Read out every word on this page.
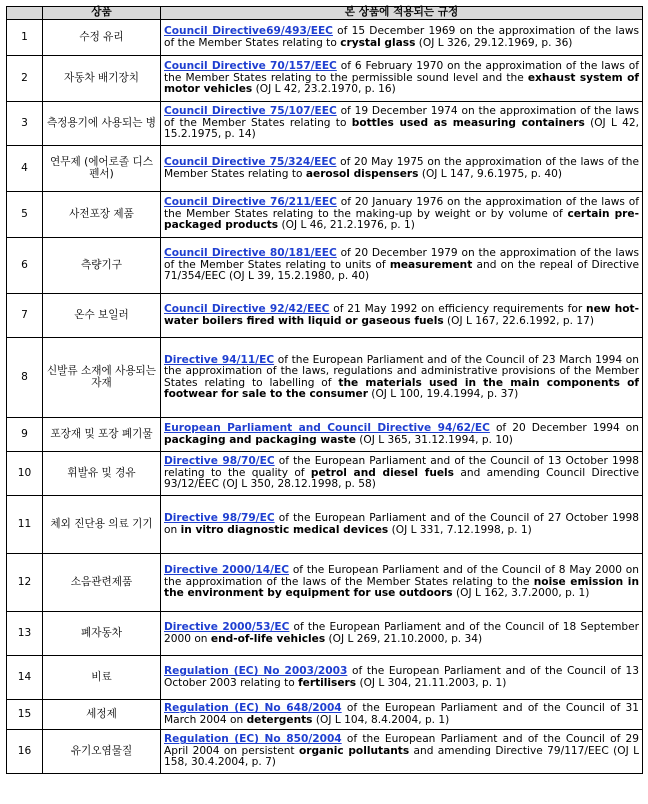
	상품	본 상품에 적용되는 규정
1	수정 유리	Council Directive69/493/EEC of 15 December 1969 on the approximation of the laws of the Member States relating to crystal glass (OJ L 326, 29.12.1969, p. 36)
2	자동차 배기장치	Council Directive 70/157/EEC of 6 February 1970 on the approximation of the laws of the Member States relating to the permissible sound level and the exhaust system of motor vehicles (OJ L 42, 23.2.1970, p. 16)
3	측정용기에 사용되는 병	Council Directive 75/107/EEC of 19 December 1974 on the approximation of the laws of the Member States relating to bottles used as measuring containers (OJ L 42, 15.2.1975, p. 14)
4	연무제 (에어로졸 디스펜서)	Council Directive 75/324/EEC of 20 May 1975 on the approximation of the laws of the Member States relating to aerosol dispensers (OJ L 147, 9.6.1975, p. 40)
5	사전포장 제품	Council Directive 76/211/EEC of 20 January 1976 on the approximation of the laws of the Member States relating to the making-up by weight or by volume of certain pre-packaged products (OJ L 46, 21.2.1976, p. 1)
6	측량기구	Council Directive 80/181/EEC of 20 December 1979 on the approximation of the laws of the Member States relating to units of measurement and on the repeal of Directive 71/354/EEC (OJ L 39, 15.2.1980, p. 40)
7	온수 보일러	Council Directive 92/42/EEC of 21 May 1992 on efficiency requirements for new hot-water boilers fired with liquid or gaseous fuels (OJ L 167, 22.6.1992, p. 17)
8	신발류 소재에 사용되는 자재	Directive 94/11/EC of the European Parliament and of the Council of 23 March 1994 on the approximation of the laws, regulations and administrative provisions of the Member States relating to labelling of the materials used in the main components of footwear for sale to the consumer (OJ L 100, 19.4.1994, p. 37)
9	포장재 및 포장 폐기물	European Parliament and Council Directive 94/62/EC of 20 December 1994 on packaging and packaging waste (OJ L 365, 31.12.1994, p. 10)
10	휘발유 및 경유	Directive 98/70/EC of the European Parliament and of the Council of 13 October 1998 relating to the quality of petrol and diesel fuels and amending Council Directive 93/12/EEC (OJ L 350, 28.12.1998, p. 58)
11	체외 진단용 의료 기기	Directive 98/79/EC of the European Parliament and of the Council of 27 October 1998 on in vitro diagnostic medical devices (OJ L 331, 7.12.1998, p. 1)
12	소음관련제품	Directive 2000/14/EC of the European Parliament and of the Council of 8 May 2000 on the approximation of the laws of the Member States relating to the noise emission in the environment by equipment for use outdoors (OJ L 162, 3.7.2000, p. 1)
13	폐자동차	Directive 2000/53/EC of the European Parliament and of the Council of 18 September 2000 on end-of-life vehicles (OJ L 269, 21.10.2000, p. 34)
14	비료	Regulation (EC) No 2003/2003 of the European Parliament and of the Council of 13 October 2003 relating to fertilisers (OJ L 304, 21.11.2003, p. 1)
15	세정제	Regulation (EC) No 648/2004 of the European Parliament and of the Council of 31 March 2004 on detergents (OJ L 104, 8.4.2004, p. 1)
16	유기오염물질	Regulation (EC) No 850/2004 of the European Parliament and of the Council of 29 April 2004 on persistent organic pollutants and amending Directive 79/117/EEC (OJ L 158, 30.4.2004, p. 7)
